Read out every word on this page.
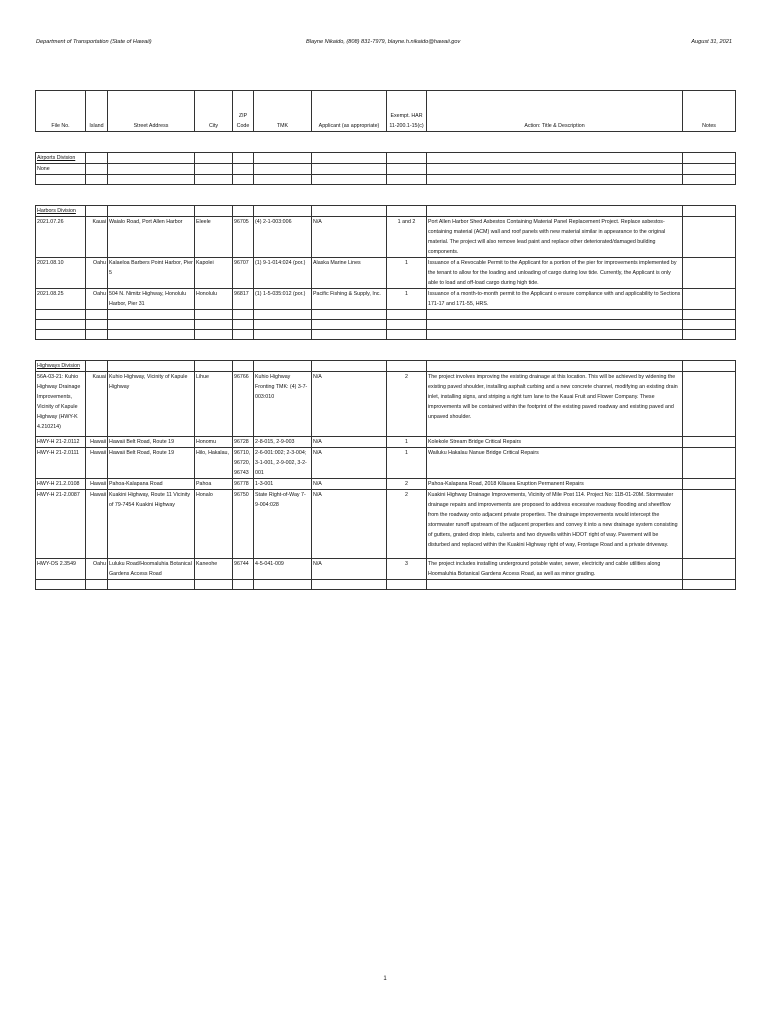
Department of Transportation (State of Hawaii)	Blayne Nikaido, (808) 831-7979, blayne.h.nikaido@hawaii.gov	August 31, 2021
File No.	Island	Street Address	City	ZIP Code	TMK	Applicant (as appropriate)	Exempt. HAR 11-200.1-15(c)	Action: Title & Description	Notes

Airports Division									
None									

Harbors Division									
2021.07.26	Kauai	Waialo Road, Port Allen Harbor	Eleele	96705	(4) 2-1-003:006	N/A	1 and 2	Port Allen Harbor Shed Asbestos Containing Material Panel Replacement Project. Replace asbestos-containing material (ACM) wall and roof panels with new material similar in appearance to the original material. The project will also remove lead paint and replace other deteriorated/damaged building components.	
2021.08.10	Oahu	Kalaeloa Barbers Point Harbor, Pier 5	Kapolei	96707	(1) 9-1-014:024 (por.)	Alaska Marine Lines	1	Issuance of a Revocable Permit to the Applicant for a portion of the pier for improvements implemented by the tenant to allow for the loading and unloading of cargo during low tide. Currently, the Applicant is only able to load and off-load cargo during high tide.	
2021.08.25	Oahu	504 N. Nimitz Highway, Honolulu Harbor, Pier 31	Honolulu	96817	(1) 1-5-035:012 (por.)	Pacific Fishing & Supply, Inc.	1	Issuance of a month-to-month permit to the Applicant o ensure compliance with and applicability to Sections 171-17 and 171-55, HRS.	

Highways Division									
56A-03-21: Kuhio Highway Drainage Improvements, Vicinity of Kapule Highway (HWY-K 4.210214)	Kauai	Kuhio Highway, Vicinity of Kapule Highway	Lihue	96766	Kuhio Highway Fronting TMK: (4) 3-7-003:010	N/A	2	The project involves improving the existing drainage at this location. This will be achieved by widening the existing paved shoulder, installing asphalt curbing and a new concrete channel, modifying an existing drain inlet, installing signs, and striping a right turn lane to the Kauai Fruit and Flower Company. These improvements will be contained within the footprint of the existing paved roadway and existing paved and unpaved shoulder.	
HWY-H 21-2.0112	Hawaii	Hawaii Belt Road, Route 19	Honomu	96728	2-8-015, 2-9-003	N/A	1	Kolekole Stream Bridge Critical Repairs	
HWY-H 21-2.0111	Hawaii	Hawaii Belt Road, Route 19	Hilo, Hakalau,	96710, 96720, 96743	2-6-001:002; 2-3-004; 3-1-001, 2-9-002, 3-2-001	N/A	1	Wailuku Hakalau Nanue Bridge Critical Repairs	
HWY-H 21.2.0108	Hawaii	Pahoa-Kalapana Road	Pahoa	96778	1-3-001	N/A	2	Pahoa-Kalapana Road, 2018 Kilauea Eruption Permanent Repairs	
HWY-H 21-2.0087	Hawaii	Kuakini Highway, Route 11 Vicinity of 79-7454 Kuakini Highway	Honalo	96750	State Right-of-Way 7-9-004:028	N/A	2	Kuakini Highway Drainage Improvements, Vicinity of Mile Post 114. Project No: 11B-01-20M. Stormwater drainage repairs and improvements are proposed to address excessive roadway flooding and sheetflow from the roadway onto adjacent private properties. The drainage improvements would intercept the stormwater runoff upstream of the adjacent properties and convey it into a new drainage system consisting of gutters, grated drop inlets, culverts and two drywells within HDOT right of way. Pavement will be disturbed and replaced within the Kuakini Highway right of way, Frontage Road and a private driveway.	
HWY-OS 2.3549	Oahu	Luluku Road/Hoomaluhia Botanical Gardens Access Road	Kaneohe	96744	4-5-041-009	N/A	3	The project includes installing underground potable water, sewer, electricity and cable utilities along Hoomaluhia Botanical Gardens Access Road, as well as minor grading.	

1
